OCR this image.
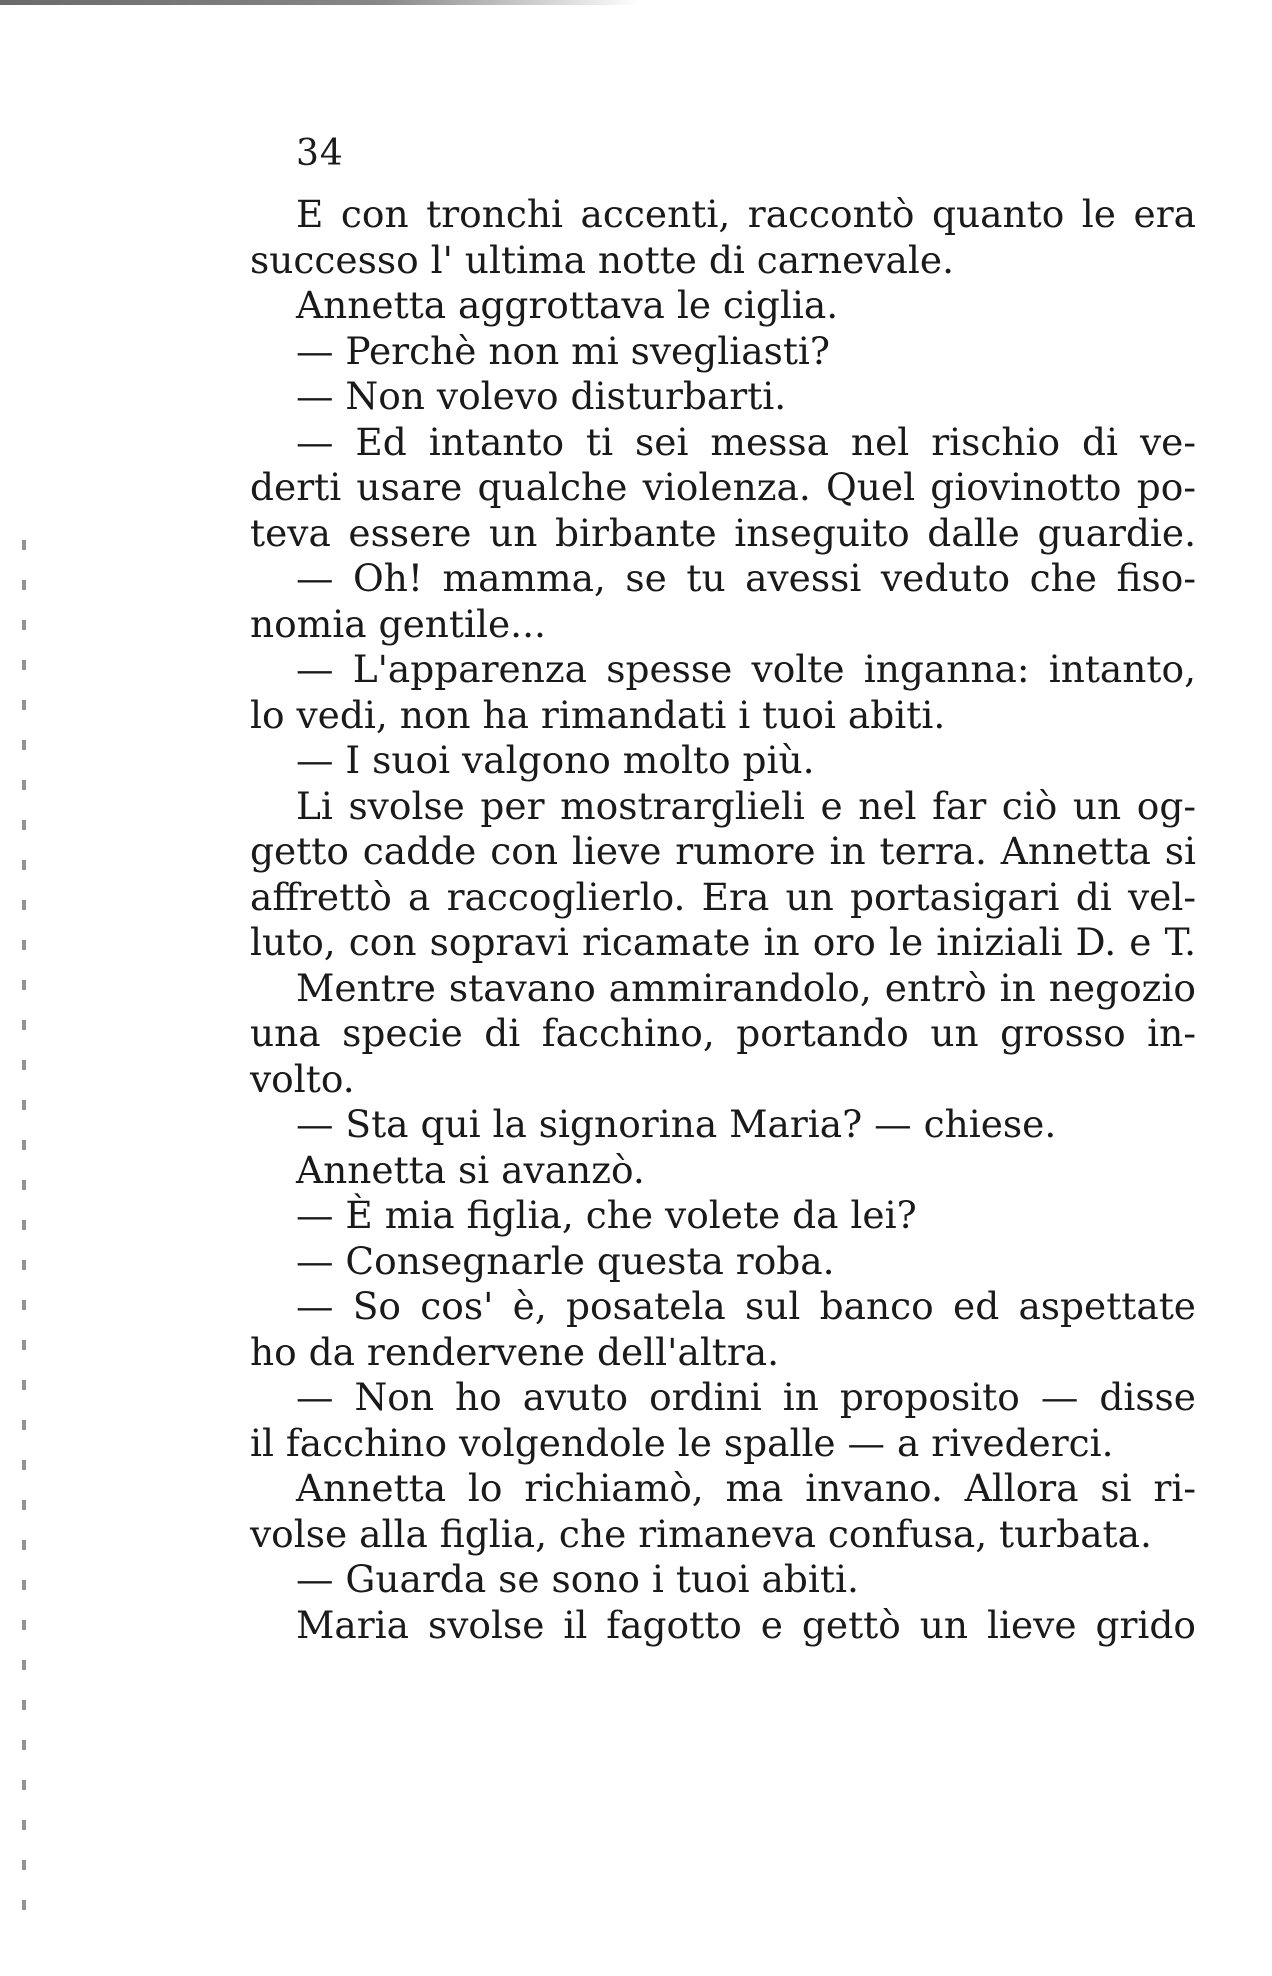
34
E con tronchi accenti, raccontò quanto le era
successo l' ultima notte di carnevale.
Annetta aggrottava le ciglia.
— Perchè non mi svegliasti?
— Non volevo disturbarti.
— Ed intanto ti sei messa nel rischio di ve-
derti usare qualche violenza. Quel giovinotto po-
teva essere un birbante inseguito dalle guardie.
— Oh! mamma, se tu avessi veduto che fiso-
nomia gentile...
— L'apparenza spesse volte inganna: intanto,
lo vedi, non ha rimandati i tuoi abiti.
— I suoi valgono molto più.
Li svolse per mostrarglieli e nel far ciò un og-
getto cadde con lieve rumore in terra. Annetta si
affrettò a raccoglierlo. Era un portasigari di vel-
luto, con sopravi ricamate in oro le iniziali D. e T.
Mentre stavano ammirandolo, entrò in negozio
una specie di facchino, portando un grosso in-
volto.
— Sta qui la signorina Maria? — chiese.
Annetta si avanzò.
— È mia figlia, che volete da lei?
— Consegnarle questa roba.
— So cos' è, posatela sul banco ed aspettate
ho da rendervene dell'altra.
— Non ho avuto ordini in proposito — disse
il facchino volgendole le spalle — a rivederci.
Annetta lo richiamò, ma invano. Allora si ri-
volse alla figlia, che rimaneva confusa, turbata.
— Guarda se sono i tuoi abiti.
Maria svolse il fagotto e gettò un lieve grido
